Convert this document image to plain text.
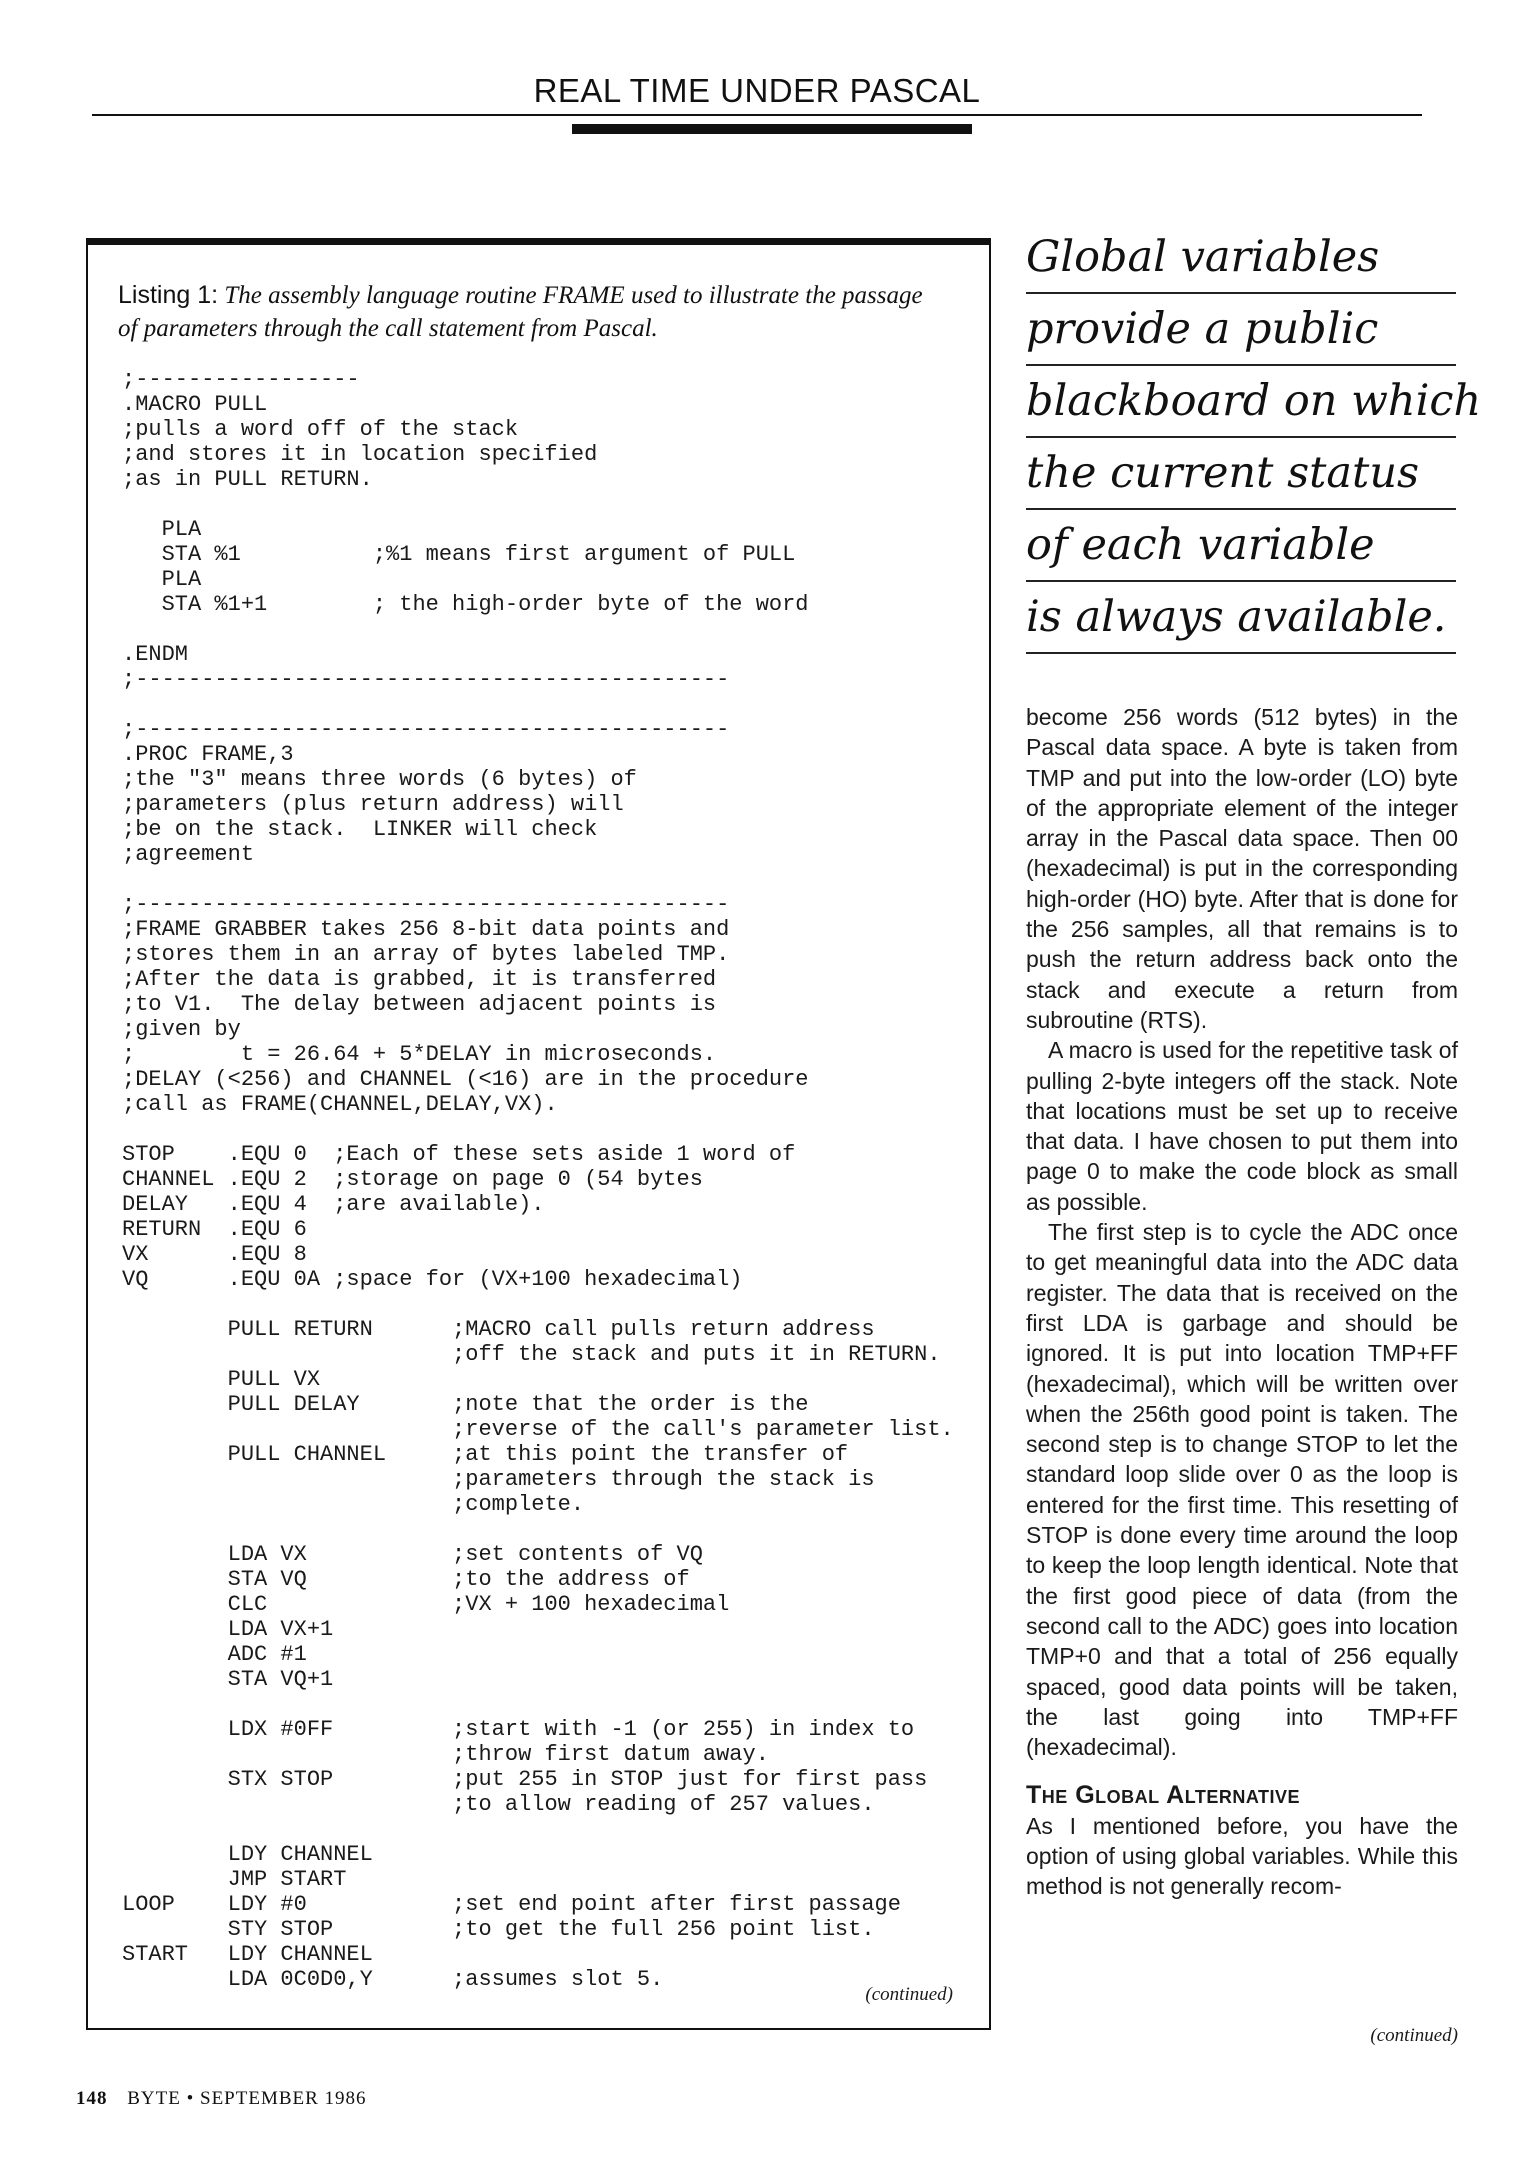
REAL TIME UNDER PASCAL
Listing 1: The assembly language routine FRAME used to illustrate the passage of parameters through the call statement from Pascal.
;-----------------
.MACRO PULL
;pulls a word off of the stack
;and stores it in location specified
;as in PULL RETURN.

PLA
STA %1          ;%1 means first argument of PULL
PLA
STA %1+1        ; the high-order byte of the word

.ENDM
;---------------------------------------------

;---------------------------------------------
.PROC FRAME,3
;the "3" means three words (6 bytes) of
;parameters (plus return address) will
;be on the stack.  LINKER will check
;agreement

;---------------------------------------------
;FRAME GRABBER takes 256 8-bit data points and
;stores them in an array of bytes labeled TMP.
;After the data is grabbed, it is transferred
;to V1.  The delay between adjacent points is
;given by
;        t = 26.64 + 5*DELAY in microseconds.
;DELAY (<256) and CHANNEL (<16) are in the procedure
;call as FRAME(CHANNEL,DELAY,VX).

STOP    .EQU 0  ;Each of these sets aside 1 word of
CHANNEL .EQU 2  ;storage on page 0 (54 bytes
DELAY   .EQU 4  ;are available).
RETURN  .EQU 6
VX      .EQU 8
VQ      .EQU 0A ;space for (VX+100 hexadecimal)

PULL RETURN      ;MACRO call pulls return address
;off the stack and puts it in RETURN.
PULL VX
PULL DELAY       ;note that the order is the
;reverse of the call's parameter list.
PULL CHANNEL     ;at this point the transfer of
;parameters through the stack is
;complete.

LDA VX           ;set contents of VQ
STA VQ           ;to the address of
CLC              ;VX + 100 hexadecimal
LDA VX+1
ADC #1
STA VQ+1

LDX #0FF         ;start with -1 (or 255) in index to
;throw first datum away.
STX STOP         ;put 255 in STOP just for first pass
;to allow reading of 257 values.

LDY CHANNEL
JMP START
LOOP    LDY #0           ;set end point after first passage
STY STOP         ;to get the full 256 point list.
START   LDY CHANNEL
LDA 0C0D0,Y      ;assumes slot 5.
(continued)
Global variables
provide a public
blackboard on which
the current status
of each variable
is always available.

become 256 words (512 bytes) in the Pascal data space. A byte is taken from TMP and put into the low-order (LO) byte of the appropriate element of the integer array in the Pascal data space. Then 00 (hexadecimal) is put in the corresponding high-order (HO) byte. After that is done for the 256 samples, all that remains is to push the return address back onto the stack and execute a return from subroutine (RTS).

A macro is used for the repetitive task of pulling 2-byte integers off the stack. Note that locations must be set up to receive that data. I have chosen to put them into page 0 to make the code block as small as possible.

The first step is to cycle the ADC once to get meaningful data into the ADC data register. The data that is received on the first LDA is garbage and should be ignored. It is put into location TMP+FF (hexadecimal), which will be written over when the 256th good point is taken. The second step is to change STOP to let the standard loop slide over 0 as the loop is entered for the first time. This resetting of STOP is done every time around the loop to keep the loop length identical. Note that the first good piece of data (from the second call to the ADC) goes into location TMP+0 and that a total of 256 equally spaced, good data points will be taken, the last going into TMP+FF (hexadecimal).

The Global Alternative

As I mentioned before, you have the option of using global variables. While this method is not generally recom-

(continued)
148 BYTE • SEPTEMBER 1986
